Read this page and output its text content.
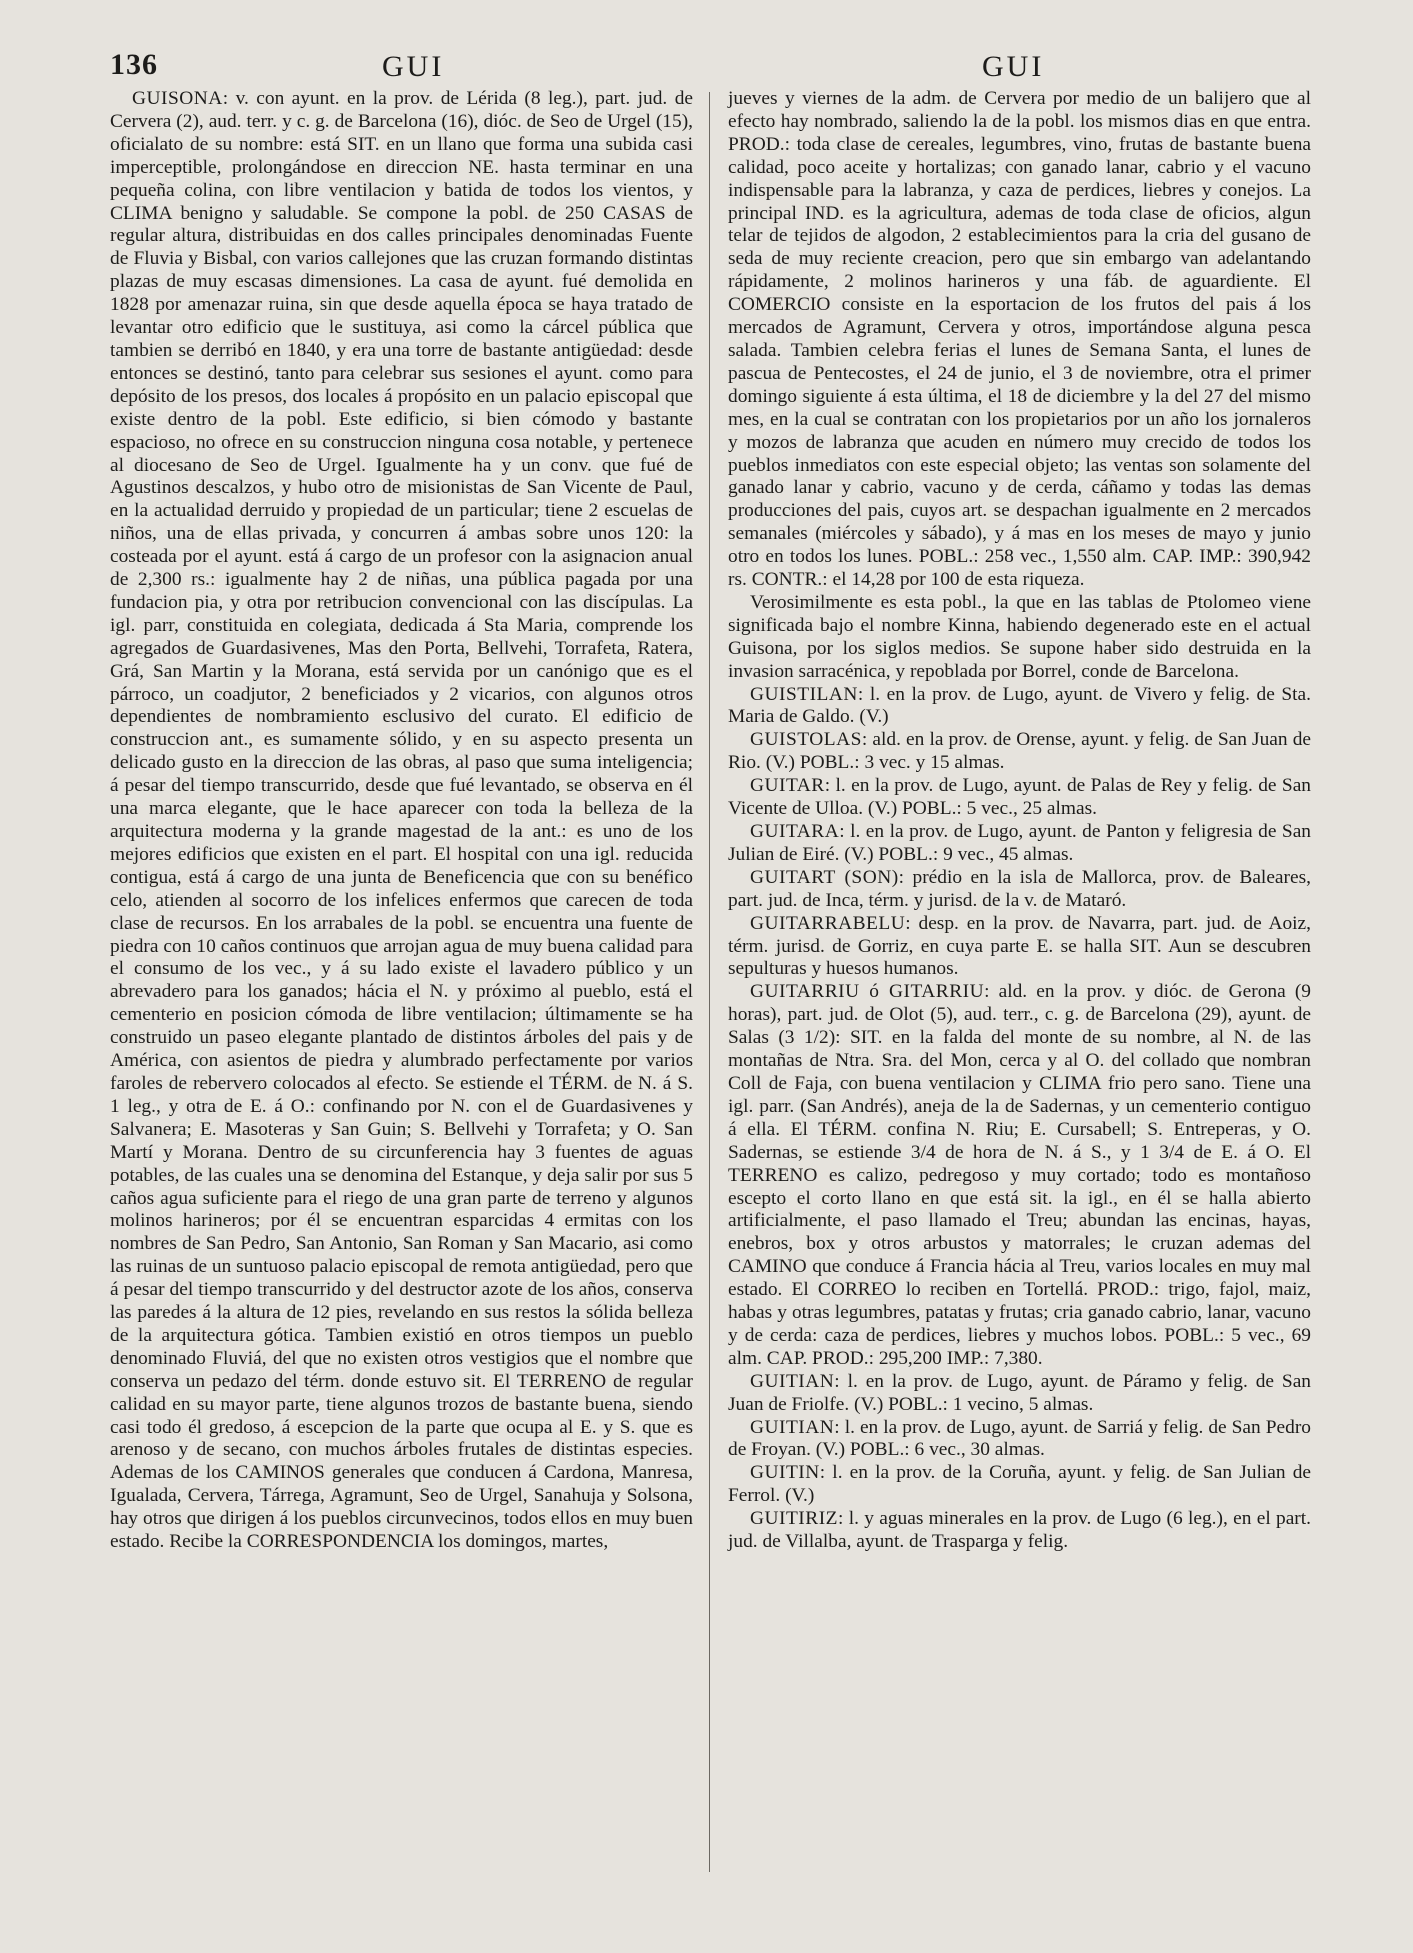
136	GUI	GUI

GUISONA: v. con ayunt. en la prov. de Lérida (8 leg.), part. jud. de Cervera (2), aud. terr. y c. g. de Barcelona (16), dióc. de Seo de Urgel (15), oficialato de su nombre: está SIT. en un llano que forma una subida casi imperceptible, prolongándose en direccion NE. hasta terminar en una pequeña colina, con libre ventilacion y batida de todos los vientos, y CLIMA benigno y saludable. Se compone la pobl. de 250 CASAS de regular altura, distribuidas en dos calles principales denominadas Fuente de Fluvia y Bisbal, con varios callejones que las cruzan formando distintas plazas de muy escasas dimensiones. La casa de ayunt. fué demolida en 1828 por amenazar ruina, sin que desde aquella época se haya tratado de levantar otro edificio que le sustituya, asi como la cárcel pública que tambien se derribó en 1840, y era una torre de bastante antigüedad: desde entonces se destinó, tanto para celebrar sus sesiones el ayunt. como para depósito de los presos, dos locales á propósito en un palacio episcopal que existe dentro de la pobl. Este edificio, si bien cómodo y bastante espacioso, no ofrece en su construccion ninguna cosa notable, y pertenece al diocesano de Seo de Urgel. Igualmente ha y un conv. que fué de Agustinos descalzos, y hubo otro de misionistas de San Vicente de Paul, en la actualidad derruido y propiedad de un particular; tiene 2 escuelas de niños, una de ellas privada, y concurren á ambas sobre unos 120: la costeada por el ayunt. está á cargo de un profesor con la asignacion anual de 2,300 rs.: igualmente hay 2 de niñas, una pública pagada por una fundacion pia, y otra por retribucion convencional con las discípulas. La igl. parr, constituida en colegiata, dedicada á Sta Maria, comprende los agregados de Guardasivenes, Mas den Porta, Bellvehi, Torrafeta, Ratera, Grá, San Martin y la Morana, está servida por un canónigo que es el párroco, un coadjutor, 2 beneficiados y 2 vicarios, con algunos otros dependientes de nombramiento esclusivo del curato. El edificio de construccion ant., es sumamente sólido, y en su aspecto presenta un delicado gusto en la direccion de las obras, al paso que suma inteligencia; á pesar del tiempo transcurrido, desde que fué levantado, se observa en él una marca elegante, que le hace aparecer con toda la belleza de la arquitectura moderna y la grande magestad de la ant.: es uno de los mejores edificios que existen en el part. El hospital con una igl. reducida contigua, está á cargo de una junta de Beneficencia que con su benéfico celo, atienden al socorro de los infelices enfermos que carecen de toda clase de recursos. En los arrabales de la pobl. se encuentra una fuente de piedra con 10 caños continuos que arrojan agua de muy buena calidad para el consumo de los vec., y á su lado existe el lavadero público y un abrevadero para los ganados; hácia el N. y próximo al pueblo, está el cementerio en posicion cómoda de libre ventilacion; últimamente se ha construido un paseo elegante plantado de distintos árboles del pais y de América, con asientos de piedra y alumbrado perfectamente por varios faroles de rebervero colocados al efecto. Se estiende el TÉRM. de N. á S. 1 leg., y otra de E. á O.: confinando por N. con el de Guardasivenes y Salvanera; E. Masoteras y San Guin; S. Bellvehi y Torrafeta; y O. San Martí y Morana. Dentro de su circunferencia hay 3 fuentes de aguas potables, de las cuales una se denomina del Estanque, y deja salir por sus 5 caños agua suficiente para el riego de una gran parte de terreno y algunos molinos harineros; por él se encuentran esparcidas 4 ermitas con los nombres de San Pedro, San Antonio, San Roman y San Macario, asi como las ruinas de un suntuoso palacio episcopal de remota antigüedad, pero que á pesar del tiempo transcurrido y del destructor azote de los años, conserva las paredes á la altura de 12 pies, revelando en sus restos la sólida belleza de la arquitectura gótica. Tambien existió en otros tiempos un pueblo denominado Fluviá, del que no existen otros vestigios que el nombre que conserva un pedazo del térm. donde estuvo sit. El TERRENO de regular calidad en su mayor parte, tiene algunos trozos de bastante buena, siendo casi todo él gredoso, á escepcion de la parte que ocupa al E. y S. que es arenoso y de secano, con muchos árboles frutales de distintas especies. Ademas de los CAMINOS generales que conducen á Cardona, Manresa, Igualada, Cervera, Tárrega, Agramunt, Seo de Urgel, Sanahuja y Solsona, hay otros que dirigen á los pueblos circunvecinos, todos ellos en muy buen estado. Recibe la CORRESPONDENCIA los domingos, martes,

jueves y viernes de la adm. de Cervera por medio de un balijero que al efecto hay nombrado, saliendo la de la pobl. los mismos dias en que entra. PROD.: toda clase de cereales, legumbres, vino, frutas de bastante buena calidad, poco aceite y hortalizas; con ganado lanar, cabrio y el vacuno indispensable para la labranza, y caza de perdices, liebres y conejos. La principal IND. es la agricultura, ademas de toda clase de oficios, algun telar de tejidos de algodon, 2 establecimientos para la cria del gusano de seda de muy reciente creacion, pero que sin embargo van adelantando rápidamente, 2 molinos harineros y una fáb. de aguardiente. El COMERCIO consiste en la esportacion de los frutos del pais á los mercados de Agramunt, Cervera y otros, importándose alguna pesca salada. Tambien celebra ferias el lunes de Semana Santa, el lunes de pascua de Pentecostes, el 24 de junio, el 3 de noviembre, otra el primer domingo siguiente á esta última, el 18 de diciembre y la del 27 del mismo mes, en la cual se contratan con los propietarios por un año los jornaleros y mozos de labranza que acuden en número muy crecido de todos los pueblos inmediatos con este especial objeto; las ventas son solamente del ganado lanar y cabrio, vacuno y de cerda, cáñamo y todas las demas producciones del pais, cuyos art. se despachan igualmente en 2 mercados semanales (miércoles y sábado), y á mas en los meses de mayo y junio otro en todos los lunes. POBL.: 258 vec., 1,550 alm. CAP. IMP.: 390,942 rs. CONTR.: el 14,28 por 100 de esta riqueza.

Verosimilmente es esta pobl., la que en las tablas de Ptolomeo viene significada bajo el nombre Kinna, habiendo degenerado este en el actual Guisona, por los siglos medios. Se supone haber sido destruida en la invasion sarracénica, y repoblada por Borrel, conde de Barcelona.

GUISTILAN: l. en la prov. de Lugo, ayunt. de Vivero y felig. de Sta. Maria de Galdo. (V.)

GUISTOLAS: ald. en la prov. de Orense, ayunt. y felig. de San Juan de Rio. (V.) POBL.: 3 vec. y 15 almas.

GUITAR: l. en la prov. de Lugo, ayunt. de Palas de Rey y felig. de San Vicente de Ulloa. (V.) POBL.: 5 vec., 25 almas.

GUITARA: l. en la prov. de Lugo, ayunt. de Panton y feligresia de San Julian de Eiré. (V.) POBL.: 9 vec., 45 almas.

GUITART (SON): prédio en la isla de Mallorca, prov. de Baleares, part. jud. de Inca, térm. y jurisd. de la v. de Mataró.

GUITARRABELU: desp. en la prov. de Navarra, part. jud. de Aoiz, térm. jurisd. de Gorriz, en cuya parte E. se halla SIT. Aun se descubren sepulturas y huesos humanos.

GUITARRIU ó GITARRIU: ald. en la prov. y dióc. de Gerona (9 horas), part. jud. de Olot (5), aud. terr., c. g. de Barcelona (29), ayunt. de Salas (3 1/2): SIT. en la falda del monte de su nombre, al N. de las montañas de Ntra. Sra. del Mon, cerca y al O. del collado que nombran Coll de Faja, con buena ventilacion y CLIMA frio pero sano. Tiene una igl. parr. (San Andrés), aneja de la de Sadernas, y un cementerio contiguo á ella. El TÉRM. confina N. Riu; E. Cursabell; S. Entreperas, y O. Sadernas, se estiende 3/4 de hora de N. á S., y 1 3/4 de E. á O. El TERRENO es calizo, pedregoso y muy cortado; todo es montañoso escepto el corto llano en que está sit. la igl., en él se halla abierto artificialmente, el paso llamado el Treu; abundan las encinas, hayas, enebros, box y otros arbustos y matorrales; le cruzan ademas del CAMINO que conduce á Francia hácia al Treu, varios locales en muy mal estado. El CORREO lo reciben en Tortellá. PROD.: trigo, fajol, maiz, habas y otras legumbres, patatas y frutas; cria ganado cabrio, lanar, vacuno y de cerda: caza de perdices, liebres y muchos lobos. POBL.: 5 vec., 69 alm. CAP. PROD.: 295,200 IMP.: 7,380.

GUITIAN: l. en la prov. de Lugo, ayunt. de Páramo y felig. de San Juan de Friolfe. (V.) POBL.: 1 vecino, 5 almas.

GUITIAN: l. en la prov. de Lugo, ayunt. de Sarriá y felig. de San Pedro de Froyan. (V.) POBL.: 6 vec., 30 almas.

GUITIN: l. en la prov. de la Coruña, ayunt. y felig. de San Julian de Ferrol. (V.)

GUITIRIZ: l. y aguas minerales en la prov. de Lugo (6 leg.), en el part. jud. de Villalba, ayunt. de Trasparga y felig.
